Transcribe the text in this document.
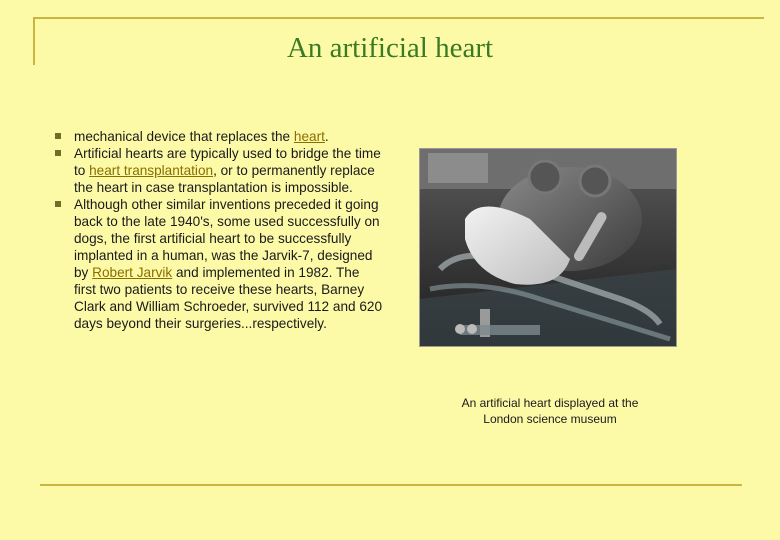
An artificial heart
mechanical device that replaces the heart.
Artificial hearts are typically used to bridge the time to heart transplantation, or to permanently replace the heart in case transplantation is impossible.
Although other similar inventions preceded it going back to the late 1940's, some used successfully on dogs, the first artificial heart to be successfully implanted in a human, was the Jarvik-7, designed by Robert Jarvik and implemented in 1982. The first two patients to receive these hearts, Barney Clark and William Schroeder, survived 112 and 620 days beyond their surgeries...respectively.
An artificial heart displayed at the London science museum
